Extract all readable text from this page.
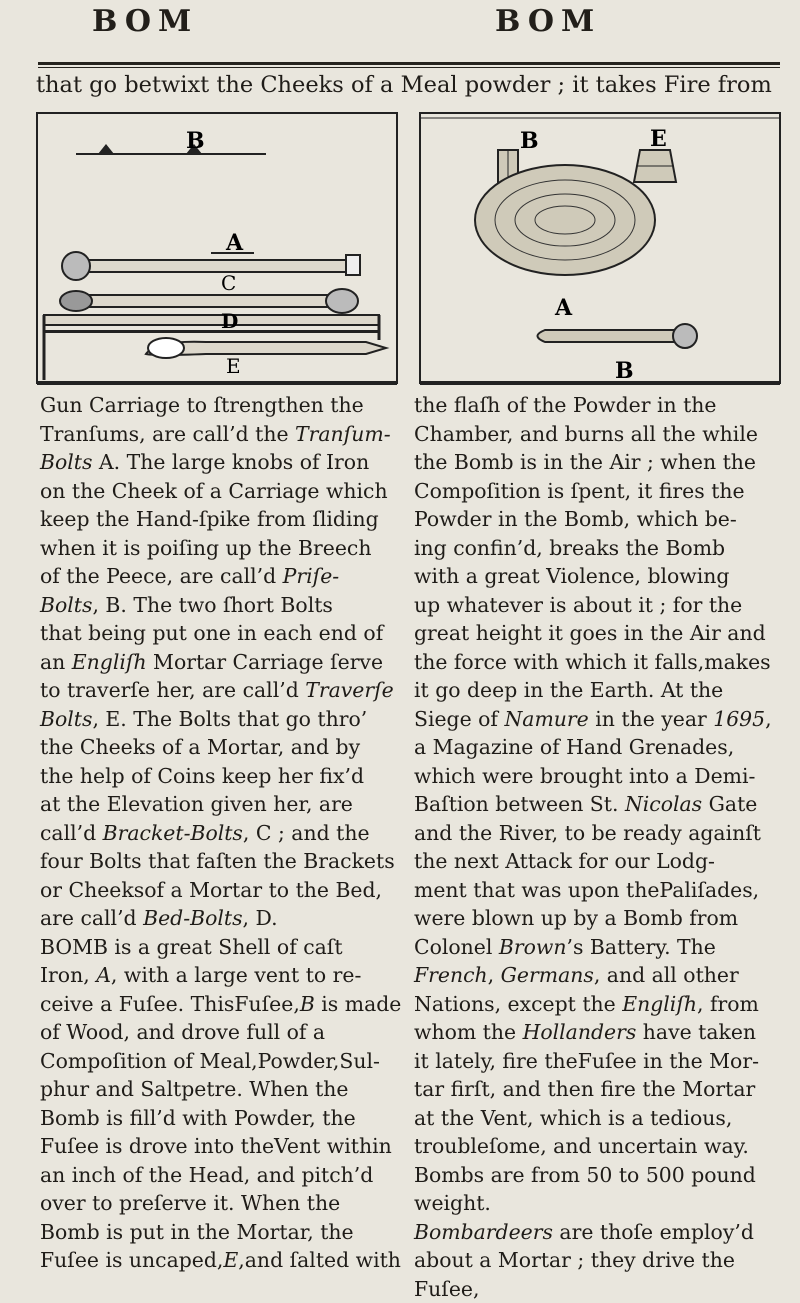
BOM	BOM
that go betwixt the Cheeks of a Meal powder ; it takes Fire from
B
A
C
D
E
B	E
A
B

Gun Carriage to ſtrengthen the

Tranſums, are call’d the Tranſum-

Bolts A. The large knobs of Iron

on the Cheek of a Carriage which

keep the Hand-ſpike from ſliding

when it is poiſing up the Breech

of the Peece, are call’d Priſe-

Bolts, B. The two ſhort Bolts

that being put one in each end of

an Engliſh Mortar Carriage ſerve

to traverſe her, are call’d Traverſe

Bolts, E. The Bolts that go thro’

the Cheeks of a Mortar, and by

the help of Coins keep her fix’d

at the Elevation given her, are

call’d Bracket-Bolts, C ; and the

four Bolts that faſten the Brackets

or Cheeksof a Mortar to the Bed,

are call’d Bed-Bolts, D.

BOMB is a great Shell of caſt

Iron, A, with a large vent to re-

ceive a Fuſee. ThisFuſee,B is made

of Wood, and drove full of a

Compoſition of Meal,Powder,Sul-

phur and Saltpetre. When the

Bomb is fill’d with Powder, the

Fuſee is drove into theVent within

an inch of the Head, and pitch’d

over to preſerve it. When the

Bomb is put in the Mortar, the

Fuſee is uncaped,E,and ſalted with

the flaſh of the Powder in the

Chamber, and burns all the while

the Bomb is in the Air ; when the

Compoſition is ſpent, it fires the

Powder in the Bomb, which be-

ing confin’d, breaks the Bomb

with a great Violence, blowing

up whatever is about it ; for the

great height it goes in the Air and

the force with which it falls,makes

it go deep in the Earth. At the

Siege of Namure in the year 1695,

a Magazine of Hand Grenades,

which were brought into a Demi-

Baſtion between St. Nicolas Gate

and the River, to be ready againſt

the next Attack for our Lodg-

ment that was upon thePaliſades,

were blown up by a Bomb from

Colonel Brown’s Battery. The

French, Germans, and all other

Nations, except the Engliſh, from

whom the Hollanders have taken

it lately, fire theFuſee in the Mor-

tar firſt, and then fire the Mortar

at the Vent, which is a tedious,

troubleſome, and uncertain way.

Bombs are from 50 to 500 pound

weight.

Bombardeers are thoſe employ’d

about a Mortar ; they drive the

Fuſee,
